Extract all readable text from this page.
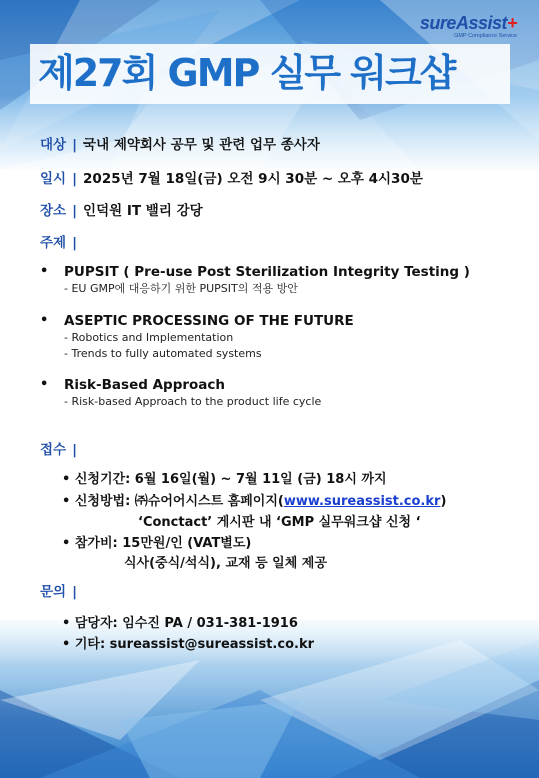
sureAssist+
GMP Compliance Service
제27회 GMP 실무 워크샵
대상 | 국내 제약회사 공무 및 관련 업무 종사자
일시 | 2025년 7월 18일(금) 오전 9시 30분 ~ 오후 4시30분
장소 | 인덕원 IT 밸리 강당
주제 |
• PUPSIT ( Pre-use Post Sterilization Integrity Testing )
- EU GMP에 대응하기 위한 PUPSIT의 적용 방안
• ASEPTIC PROCESSING OF THE FUTURE
- Robotics and Implementation
- Trends to fully automated systems
• Risk-Based Approach
- Risk-based Approach to the product life cycle
접수 |
• 신청기간: 6월 16일(월) ~ 7월 11일 (금) 18시 까지
• 신청방법: ㈜슈어어시스트 홈페이지(www.sureassist.co.kr)
‘Conctact’ 게시판 내 ‘GMP 실무워크샵 신청 ‘
• 참가비: 15만원/인 (VAT별도)
식사(중식/석식), 교재 등 일체 제공
문의 |
• 담당자: 임수진 PA / 031-381-1916
• 기타: sureassist@sureassist.co.kr
